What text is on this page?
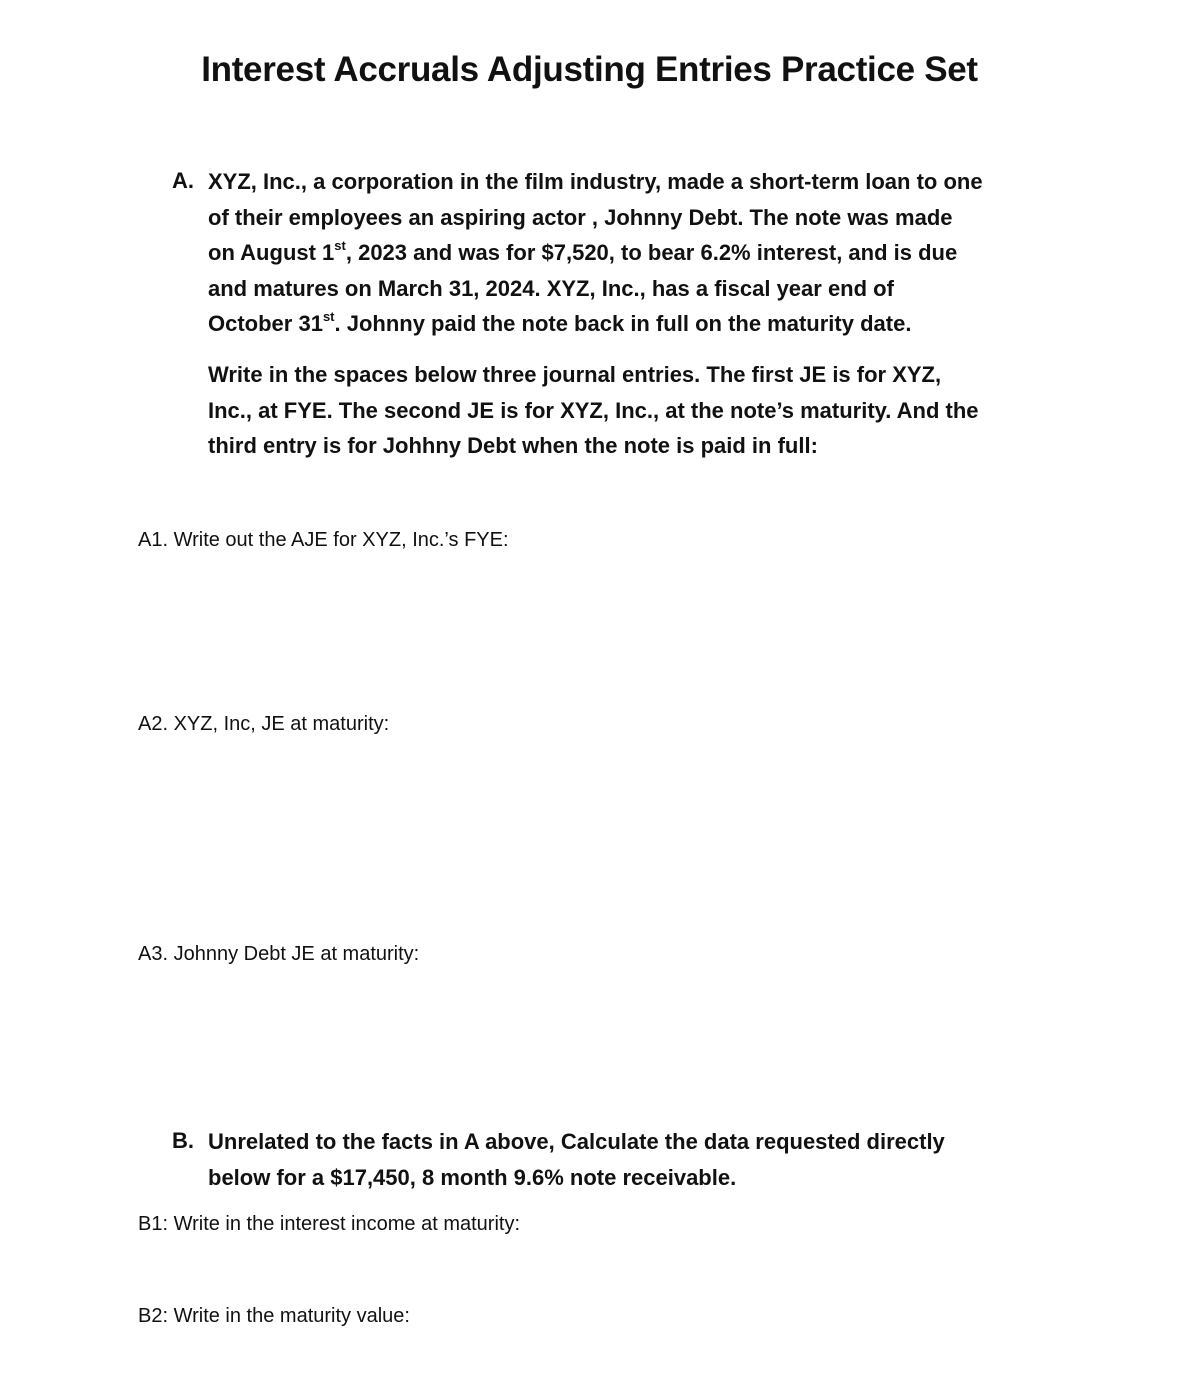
Interest Accruals Adjusting Entries Practice Set
A. XYZ, Inc., a corporation in the film industry, made a short-term loan to one
of their employees an aspiring actor , Johnny Debt. The note was made
on August 1st, 2023 and was for $7,520, to bear 6.2% interest, and is due
and matures on March 31, 2024. XYZ, Inc., has a fiscal year end of
October 31st. Johnny paid the note back in full on the maturity date.
Write in the spaces below three journal entries. The first JE is for XYZ,
Inc., at FYE. The second JE is for XYZ, Inc., at the note’s maturity. And the
third entry is for Johhny Debt when the note is paid in full:
A1. Write out the AJE for XYZ, Inc.’s FYE:
A2. XYZ, Inc, JE at maturity:
A3. Johnny Debt JE at maturity:
B. Unrelated to the facts in A above, Calculate the data requested directly
below for a $17,450, 8 month 9.6% note receivable.
B1: Write in the interest income at maturity:
B2: Write in the maturity value:
